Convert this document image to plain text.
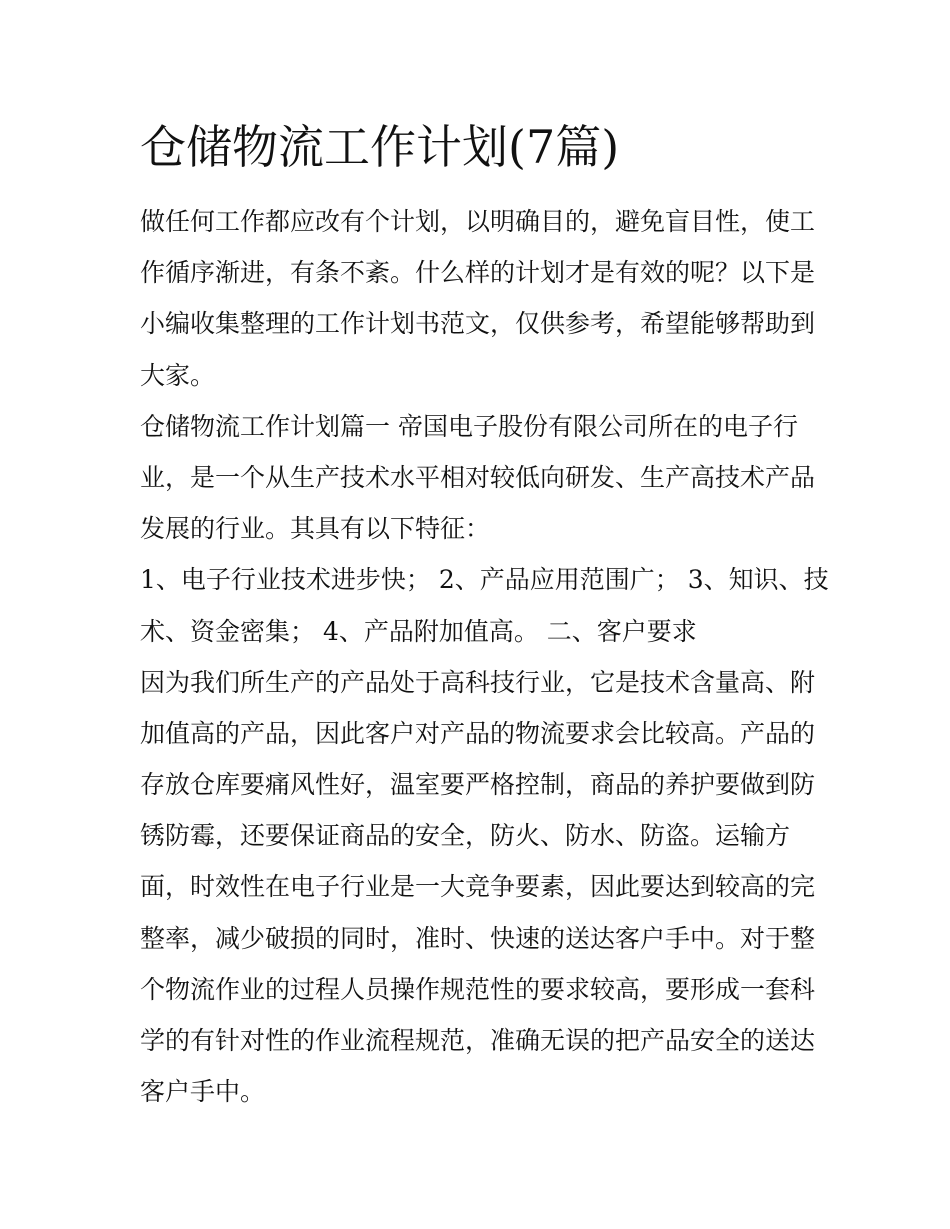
仓储物流工作计划(7篇)

做任何工作都应改有个计划，以明确目的，避免盲目性，使工

作循序渐进，有条不紊。什么样的计划才是有效的呢？以下是

小编收集整理的工作计划书范文，仅供参考，希望能够帮助到

大家。

仓储物流工作计划篇一 帝国电子股份有限公司所在的电子行

业，是一个从生产技术水平相对较低向研发、生产高技术产品

发展的行业。其具有以下特征：

1、电子行业技术进步快； 2、产品应用范围广； 3、知识、技

术、资金密集； 4、产品附加值高。 二、客户要求

因为我们所生产的产品处于高科技行业，它是技术含量高、附

加值高的产品，因此客户对产品的物流要求会比较高。产品的

存放仓库要痛风性好，温室要严格控制，商品的养护要做到防

锈防霉，还要保证商品的安全，防火、防水、防盗。运输方

面，时效性在电子行业是一大竞争要素，因此要达到较高的完

整率，减少破损的同时，准时、快速的送达客户手中。对于整

个物流作业的过程人员操作规范性的要求较高，要形成一套科

学的有针对性的作业流程规范，准确无误的把产品安全的送达

客户手中。
